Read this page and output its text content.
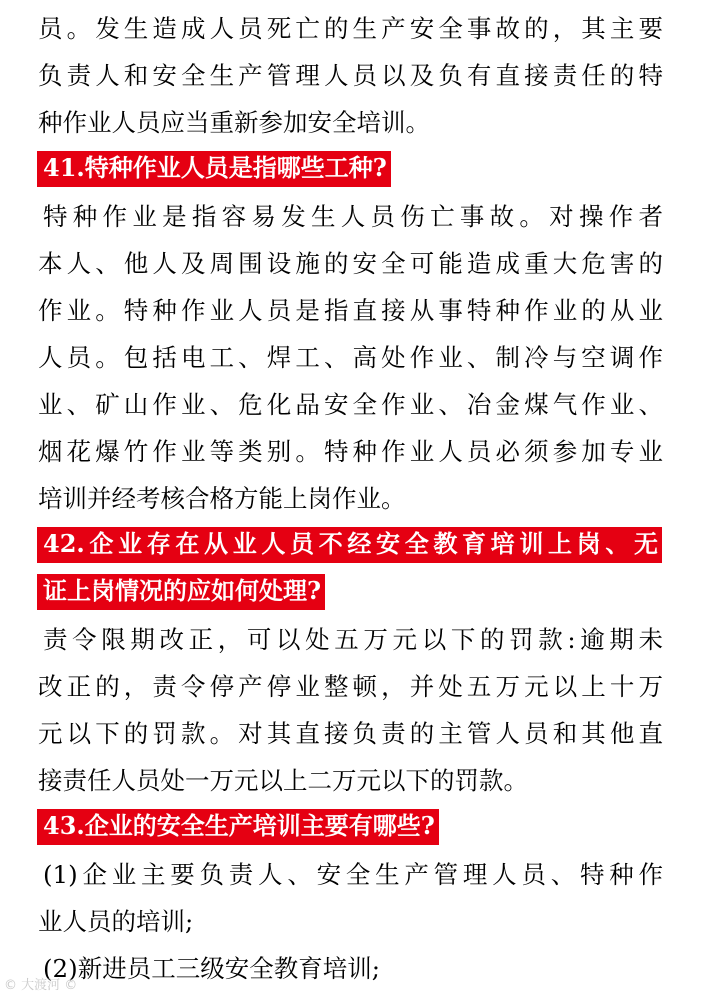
员。发生造成人员死亡的生产安全事故的，其主要
负责人和安全生产管理人员以及负有直接责任的特
种作业人员应当重新参加安全培训。
41.特种作业人员是指哪些工种?
特种作业是指容易发生人员伤亡事故。对操作者
本人、他人及周围设施的安全可能造成重大危害的
作业。特种作业人员是指直接从事特种作业的从业
人员。包括电工、焊工、高处作业、制冷与空调作
业、矿山作业、危化品安全作业、冶金煤气作业、
烟花爆竹作业等类别。特种作业人员必须参加专业
培训并经考核合格方能上岗作业。
42.企业存在从业人员不经安全教育培训上岗、无
证上岗情况的应如何处理?
责令限期改正，可以处五万元以下的罚款:逾期未
改正的，责令停产停业整顿，并处五万元以上十万
元以下的罚款。对其直接负责的主管人员和其他直
接责任人员处一万元以上二万元以下的罚款。
43.企业的安全生产培训主要有哪些?
(1)企业主要负责人、安全生产管理人员、特种作
业人员的培训;
(2)新进员工三级安全教育培训;
© 大渡河 ©
